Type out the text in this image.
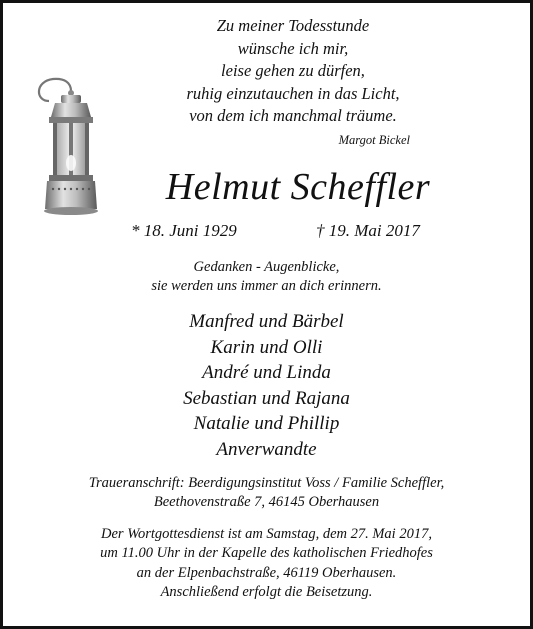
Zu meiner Todesstunde
wünsche ich mir,
leise gehen zu dürfen,
ruhig einzutauchen in das Licht,
von dem ich manchmal träume.
Margot Bickel
Helmut Scheffler
* 18. Juni 1929	† 19. Mai 2017
Gedanken - Augenblicke,
sie werden uns immer an dich erinnern.
Manfred und Bärbel
Karin und Olli
André und Linda
Sebastian und Rajana
Natalie und Phillip
Anverwandte
Traueranschrift: Beerdigungsinstitut Voss / Familie Scheffler,
Beethovenstraße 7, 46145 Oberhausen
Der Wortgottesdienst ist am Samstag, dem 27. Mai 2017,
um 11.00 Uhr in der Kapelle des katholischen Friedhofes
an der Elpenbachstraße, 46119 Oberhausen.
Anschließend erfolgt die Beisetzung.
